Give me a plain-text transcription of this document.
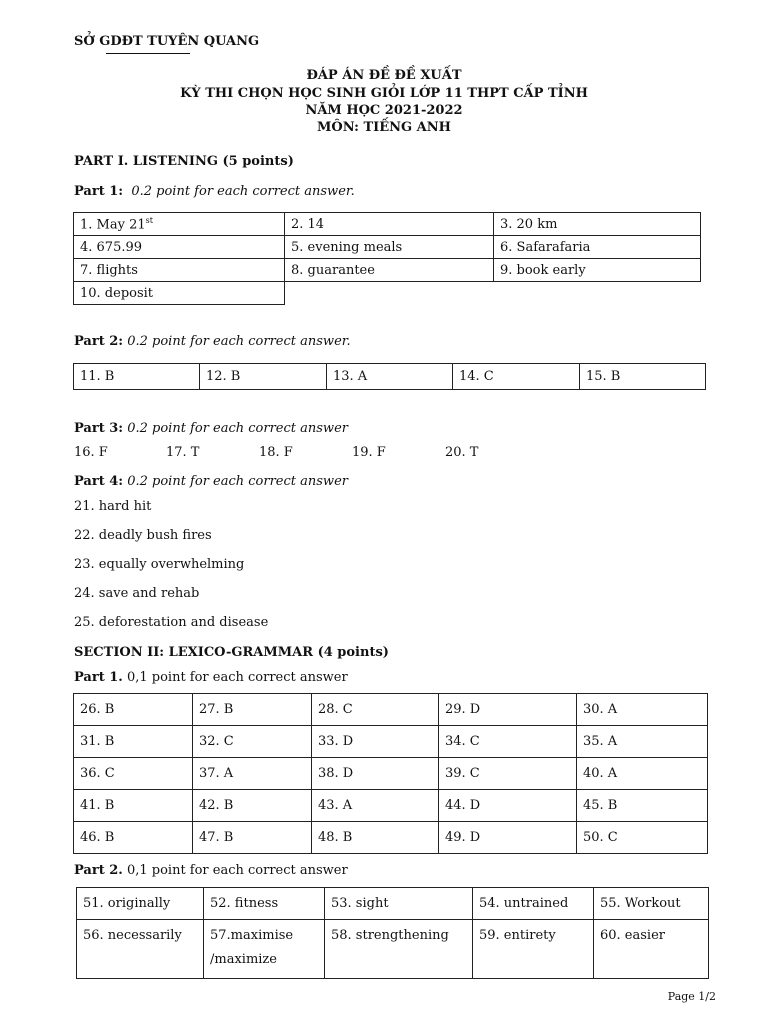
SỞ GDĐT TUYÊN QUANG
ĐÁP ÁN ĐỀ ĐỀ XUẤT
KỲ THI CHỌN HỌC SINH GIỎI LỚP 11 THPT CẤP TỈNH
NĂM HỌC 2021-2022
MÔN: TIẾNG ANH
PART I. LISTENING (5 points)
Part 1: 0.2 point for each correct answer.
1. May 21st	2. 14	3. 20 km
4. 675.99	5. evening meals	6. Safarafaria
7. flights	8. guarantee	9. book early
10. deposit		
Part 2: 0.2 point for each correct answer.
11. B	12. B	13. A	14. C	15. B
Part 3: 0.2 point for each correct answer
16. F	17. T	18. F	19. F	20. T
Part 4: 0.2 point for each correct answer
21. hard hit
22. deadly bush fires
23. equally overwhelming
24. save and rehab
25. deforestation and disease
SECTION II: LEXICO-GRAMMAR (4 points)
Part 1. 0,1 point for each correct answer
26. B	27. B	28. C	29. D	30. A
31. B	32. C	33. D	34. C	35. A
36. C	37. A	38. D	39. C	40. A
41. B	42. B	43. A	44. D	45. B
46. B	47. B	48. B	49. D	50. C
Part 2. 0,1 point for each correct answer
51. originally	52. fitness	53. sight	54. untrained	55. Workout
56. necessarily	57.maximise
/maximize	58. strengthening	59. entirety	60. easier
Page 1/2
